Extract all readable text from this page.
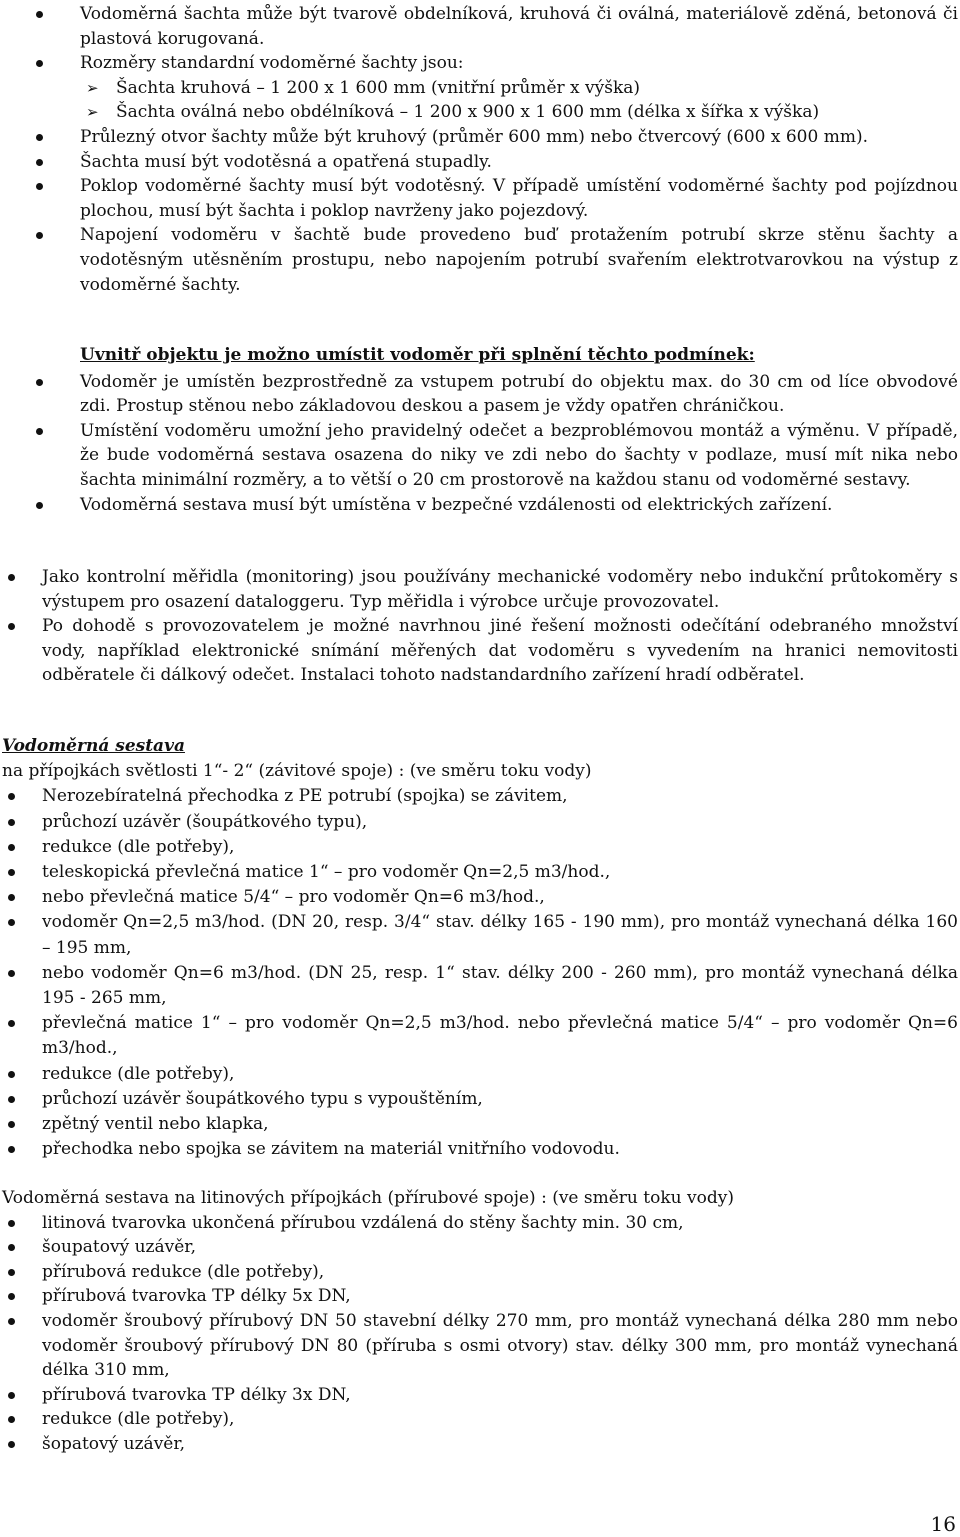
Vodoměrná šachta může být tvarově obdelníková, kruhová či oválná, materiálově zděná, betonová či plastová korugovaná.
Rozměry standardní vodoměrné šachty jsou:
➢ Šachta kruhová – 1 200 x 1 600 mm (vnitřní průměr x výška)
➢ Šachta oválná nebo obdélníková – 1 200 x 900 x 1 600 mm (délka x šířka x výška)
Průlezný otvor šachty může být kruhový (průměr 600 mm) nebo čtvercový (600 x 600 mm).
Šachta musí být vodotěsná a opatřená stupadly.
Poklop vodoměrné šachty musí být vodotěsný. V případě umístění vodoměrné šachty pod pojízdnou plochou, musí být šachta i poklop navrženy jako pojezdový.
Napojení vodoměru v šachtě bude provedeno buď protažením potrubí skrze stěnu šachty a vodotěsným utěsněním prostupu, nebo napojením potrubí svařením elektrotvarovkou na výstup z vodoměrné šachty.
Uvnitř objektu je možno umístit vodoměr při splnění těchto podmínek:
Vodoměr je umístěn bezprostředně za vstupem potrubí do objektu max. do 30 cm od líce obvodové zdi. Prostup stěnou nebo základovou deskou a pasem je vždy opatřen chráničkou.
Umístění vodoměru umožní jeho pravidelný odečet a bezproblémovou montáž a výměnu. V případě, že bude vodoměrná sestava osazena do niky ve zdi nebo do šachty v podlaze, musí mít nika nebo šachta minimální rozměry, a to větší o 20 cm prostorově na každou stanu od vodoměrné sestavy.
Vodoměrná sestava musí být umístěna v bezpečné vzdálenosti od elektrických zařízení.
Jako kontrolní měřidla (monitoring) jsou používány mechanické vodoměry nebo indukční průtokoměry s výstupem pro osazení dataloggeru. Typ měřidla i výrobce určuje provozovatel.
Po dohodě s provozovatelem je možné navrhnou jiné řešení možnosti odečítání odebraného množství vody, například elektronické snímání měřených dat vodoměru s vyvedením na hranici nemovitosti odběratele či dálkový odečet. Instalaci tohoto nadstandardního zařízení hradí odběratel.
Vodoměrná sestava
na přípojkách světlosti 1“- 2“ (závitové spoje) : (ve směru toku vody)
Nerozebíratelná přechodka z PE potrubí (spojka) se závitem,
průchozí uzávěr (šoupátkového typu),
redukce (dle potřeby),
teleskopická převlečná matice 1“ – pro vodoměr Qn=2,5 m3/hod.,
nebo převlečná matice 5/4“ – pro vodoměr Qn=6 m3/hod.,
vodoměr Qn=2,5 m3/hod. (DN 20, resp. 3/4“ stav. délky 165 - 190 mm), pro montáž vynechaná délka 160 – 195 mm,
nebo vodoměr Qn=6 m3/hod. (DN 25, resp. 1“ stav. délky 200 - 260 mm), pro montáž vynechaná délka 195 - 265 mm,
převlečná matice 1“ – pro vodoměr Qn=2,5 m3/hod. nebo převlečná matice 5/4“ – pro vodoměr Qn=6 m3/hod.,
redukce (dle potřeby),
průchozí uzávěr šoupátkového typu s vypouštěním,
zpětný ventil nebo klapka,
přechodka nebo spojka se závitem na materiál vnitřního vodovodu.
Vodoměrná sestava na litinových přípojkách (přírubové spoje) : (ve směru toku vody)
litinová tvarovka ukončená přírubou vzdálená do stěny šachty min. 30 cm,
šoupatový uzávěr,
přírubová redukce (dle potřeby),
přírubová tvarovka TP délky 5x DN,
vodoměr šroubový přírubový DN 50 stavební délky 270 mm, pro montáž vynechaná délka 280 mm nebo vodoměr šroubový přírubový DN 80 (příruba s osmi otvory) stav. délky 300 mm, pro montáž vynechaná délka 310 mm,
přírubová tvarovka TP délky 3x DN,
redukce (dle potřeby),
šopatový uzávěr,
16
